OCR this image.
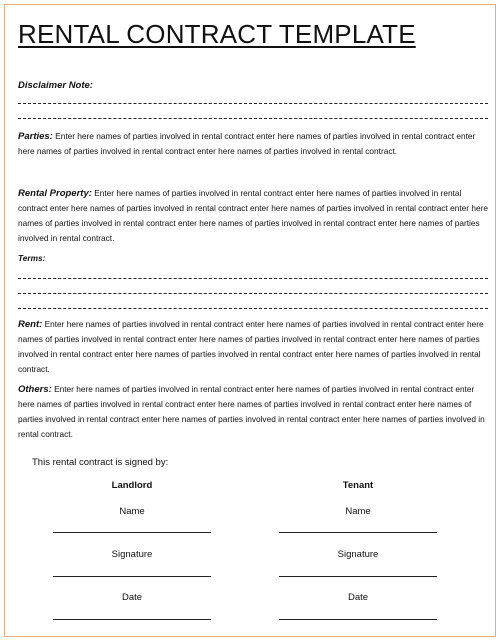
RENTAL CONTRACT TEMPLATE
Disclaimer Note:
Parties: Enter here names of parties involved in rental contract enter here names of parties involved in rental contract enter here names of parties involved in rental contract enter here names of parties involved in rental contract.
Rental Property: Enter here names of parties involved in rental contract enter here names of parties involved in rental contract enter here names of parties involved in rental contract enter here names of parties involved in rental contract enter here names of parties involved in rental contract enter here names of parties involved in rental contract enter here names of parties involved in rental contract.
Terms:
Rent: Enter here names of parties involved in rental contract enter here names of parties involved in rental contract enter here names of parties involved in rental contract enter here names of parties involved in rental contract enter here names of parties involved in rental contract enter here names of parties involved in rental contract enter here names of parties involved in rental contract.
Others: Enter here names of parties involved in rental contract enter here names of parties involved in rental contract enter here names of parties involved in rental contract enter here names of parties involved in rental contract enter here names of parties involved in rental contract enter here names of parties involved in rental contract enter here names of parties involved in rental contract.
This rental contract is signed by:
Landlord
Name
Signature
Date
Tenant
Name
Signature
Date
